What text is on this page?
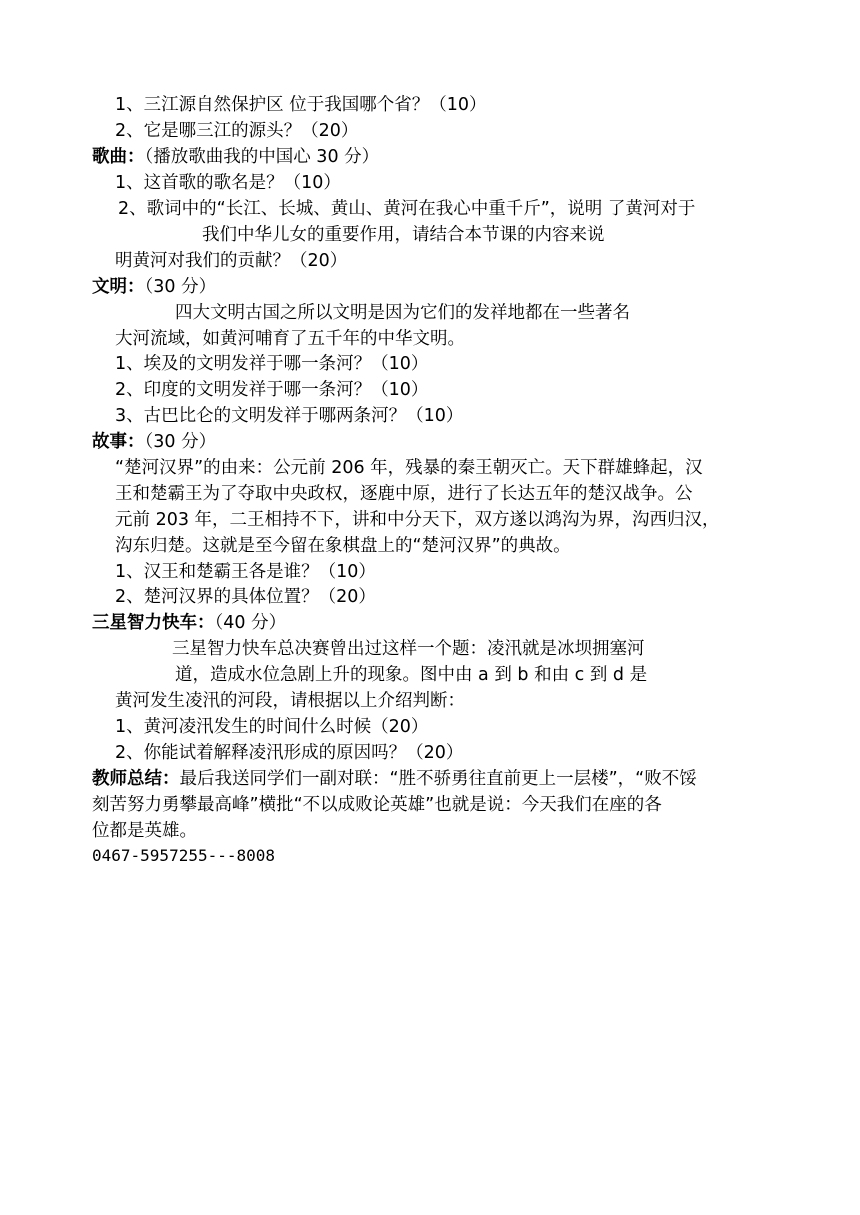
1、三江源自然保护区 位于我国哪个省？（10）
2、它是哪三江的源头？（20）
歌曲：（播放歌曲我的中国心 30 分）
1、这首歌的歌名是？（10）
2、歌词中的“长江、长城、黄山、黄河在我心中重千斤”，说明 了黄河对于
我们中华儿女的重要作用，请结合本节课的内容来说
明黄河对我们的贡献？（20）
文明：（30 分）
四大文明古国之所以文明是因为它们的发祥地都在一些著名
大河流域，如黄河哺育了五千年的中华文明。
1、埃及的文明发祥于哪一条河？（10）
2、印度的文明发祥于哪一条河？（10）
3、古巴比仑的文明发祥于哪两条河？（10）
故事：（30 分）
“楚河汉界”的由来：公元前 206 年，残暴的秦王朝灭亡。天下群雄蜂起，汉
王和楚霸王为了夺取中央政权，逐鹿中原，进行了长达五年的楚汉战争。公
元前 203 年，二王相持不下，讲和中分天下，双方遂以鸿沟为界，沟西归汉，
沟东归楚。这就是至今留在象棋盘上的“楚河汉界”的典故。
1、汉王和楚霸王各是谁？（10）
2、楚河汉界的具体位置？（20）
三星智力快车：（40 分）
三星智力快车总决赛曾出过这样一个题：凌汛就是冰坝拥塞河
道，造成水位急剧上升的现象。图中由 a 到 b 和由 c 到 d 是
黄河发生凌汛的河段，请根据以上介绍判断：
1、黄河凌汛发生的时间什么时候（20）
2、你能试着解释凌汛形成的原因吗？（20）
教师总结：最后我送同学们一副对联：“胜不骄勇往直前更上一层楼”，“败不馁
刻苦努力勇攀最高峰”横批“不以成败论英雄”也就是说：今天我们在座的各
位都是英雄。
0467-5957255---8008
